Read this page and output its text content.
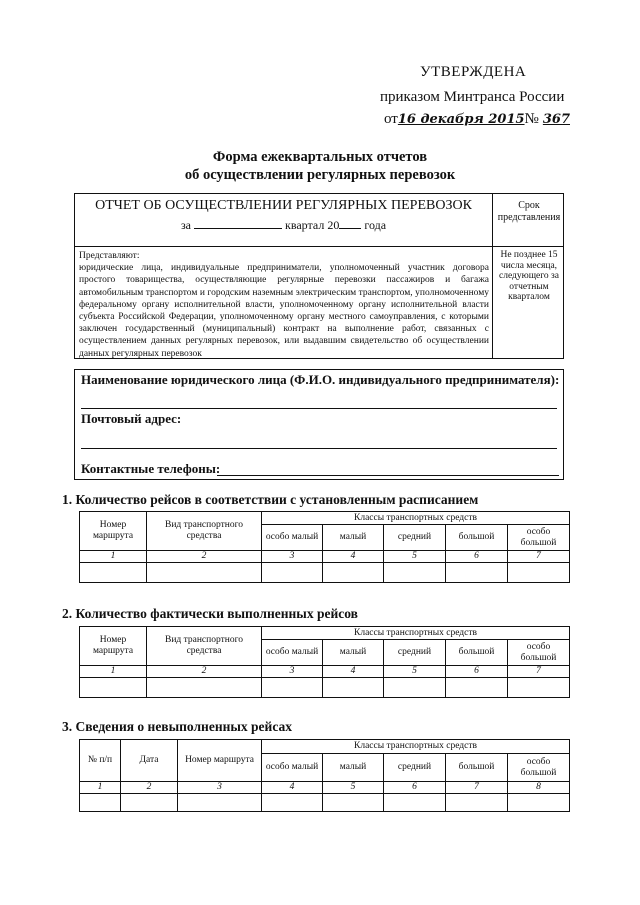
УТВЕРЖДЕНА
приказом Минтранса России
от16 декабря 2015№ 367
Форма ежеквартальных отчетов
об осуществлении регулярных перевозок
ОТЧЕТ ОБ ОСУЩЕСТВЛЕНИИ РЕГУЛЯРНЫХ ПЕРЕВОЗОК
за	квартал 20 года
Срок представления
Представляют:
юридические лица, индивидуальные предприниматели, уполномоченный участник договора простого товарищества, осуществляющие регулярные перевозки пассажиров и багажа автомобильным транспортом и городским наземным электрическим транспортом, уполномоченному федеральному органу исполнительной власти, уполномоченному органу исполнительной власти субъекта Российской Федерации, уполномоченному органу местного самоуправления, с которыми заключен государственный (муниципальный) контракт на выполнение работ, связанных с осуществлением данных регулярных перевозок, или выдавшим свидетельство об осуществлении данных регулярных перевозок
Не позднее 15 числа месяца, следующего за отчетным кварталом
Наименование юридического лица (Ф.И.О. индивидуального предпринимателя):
Почтовый адрес:
Контактные телефоны:
1. Количество рейсов в соответствии с установленным расписанием
Номер маршрута	Вид транспортного средства	Классы транспортных средств				
		особо малый	малый	средний	большой	особо большой
1	2	3	4	5	6	7

2. Количество фактически выполненных рейсов
Номер маршрута	Вид транспортного средства	Классы транспортных средств				
		особо малый	малый	средний	большой	особо большой
1	2	3	4	5	6	7

3. Сведения о невыполненных рейсах
№ п/п	Дата	Номер маршрута	Классы транспортных средств				
			особо малый	малый	средний	большой	особо большой
1	2	3	4	5	6	7	8
